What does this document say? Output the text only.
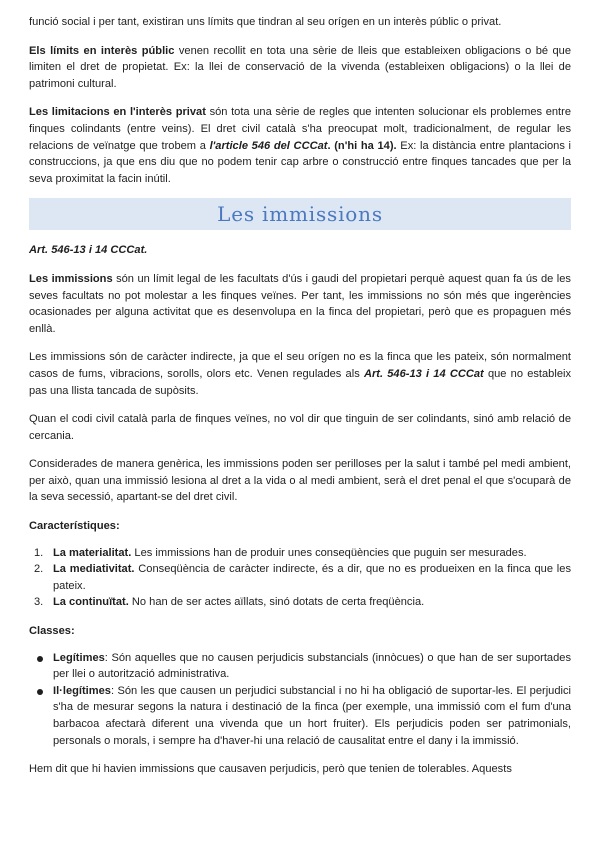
funció social i per tant, existiran uns límits que tindran al seu orígen en un interès públic o privat.

Els límits en interès públic venen recollit en tota una sèrie de lleis que estableixen obligacions o bé que limiten el dret de propietat. Ex: la llei de conservació de la vivenda (estableixen obligacions) o la llei de patrimoni cultural.

Les limitacions en l'interès privat són tota una sèrie de regles que intenten solucionar els problemes entre finques colindants (entre veins). El dret civil català s'ha preocupat molt, tradicionalment, de regular les relacions de veïnatge que trobem a l'article 546 del CCCat. (n'hi ha 14). Ex: la distància entre plantacions i construccions, ja que ens diu que no podem tenir cap arbre o construcció entre finques tancades que per la seva proximitat la facin inútil.

Les immissions
Art. 546-13 i 14 CCCat.

Les immissions són un límit legal de les facultats d'ús i gaudi del propietari perquè aquest quan fa ús de les seves facultats no pot molestar a les finques veïnes. Per tant, les immissions no són més que ingerències ocasionades per alguna activitat que es desenvolupa en la finca del propietari, però que es propaguen més enllà.

Les immissions són de caràcter indirecte, ja que el seu orígen no es la finca que les pateix, són normalment casos de fums, vibracions, sorolls, olors etc. Venen regulades als Art. 546-13 i 14 CCCat que no estableix pas una llista tancada de supòsits.

Quan el codi civil català parla de finques veïnes, no vol dir que tinguin de ser colindants, sinó amb relació de cercania.

Considerades de manera genèrica, les immissions poden ser perilloses per la salut i també pel medi ambient, per això, quan una immissió lesiona al dret a la vida o al medi ambient, serà el dret penal el que s'ocuparà de la seva secessió, apartant-se del dret civil.

Característiques:
1. La materialitat. Les immissions han de produir unes conseqüències que puguin ser mesurades.
2. La mediativitat. Conseqüència de caràcter indirecte, és a dir, que no es produeixen en la finca que les pateix.
3. La continuïtat. No han de ser actes aïllats, sinó dotats de certa freqüència.
Classes:
Legítimes: Són aquelles que no causen perjudicis substancials (innòcues) o que han de ser suportades per llei o autorització administrativa.
Il·legítimes: Són les que causen un perjudici substancial i no hi ha obligació de suportar-les. El perjudici s'ha de mesurar segons la natura i destinació de la finca (per exemple, una immissió com el fum d'una barbacoa afectarà diferent una vivenda que un hort fruiter). Els perjudicis poden ser patrimonials, personals o morals, i sempre ha d'haver-hi una relació de causalitat entre el dany i la immissió.

Hem dit que hi havien immissions que causaven perjudicis, però que tenien de tolerables. Aquests
